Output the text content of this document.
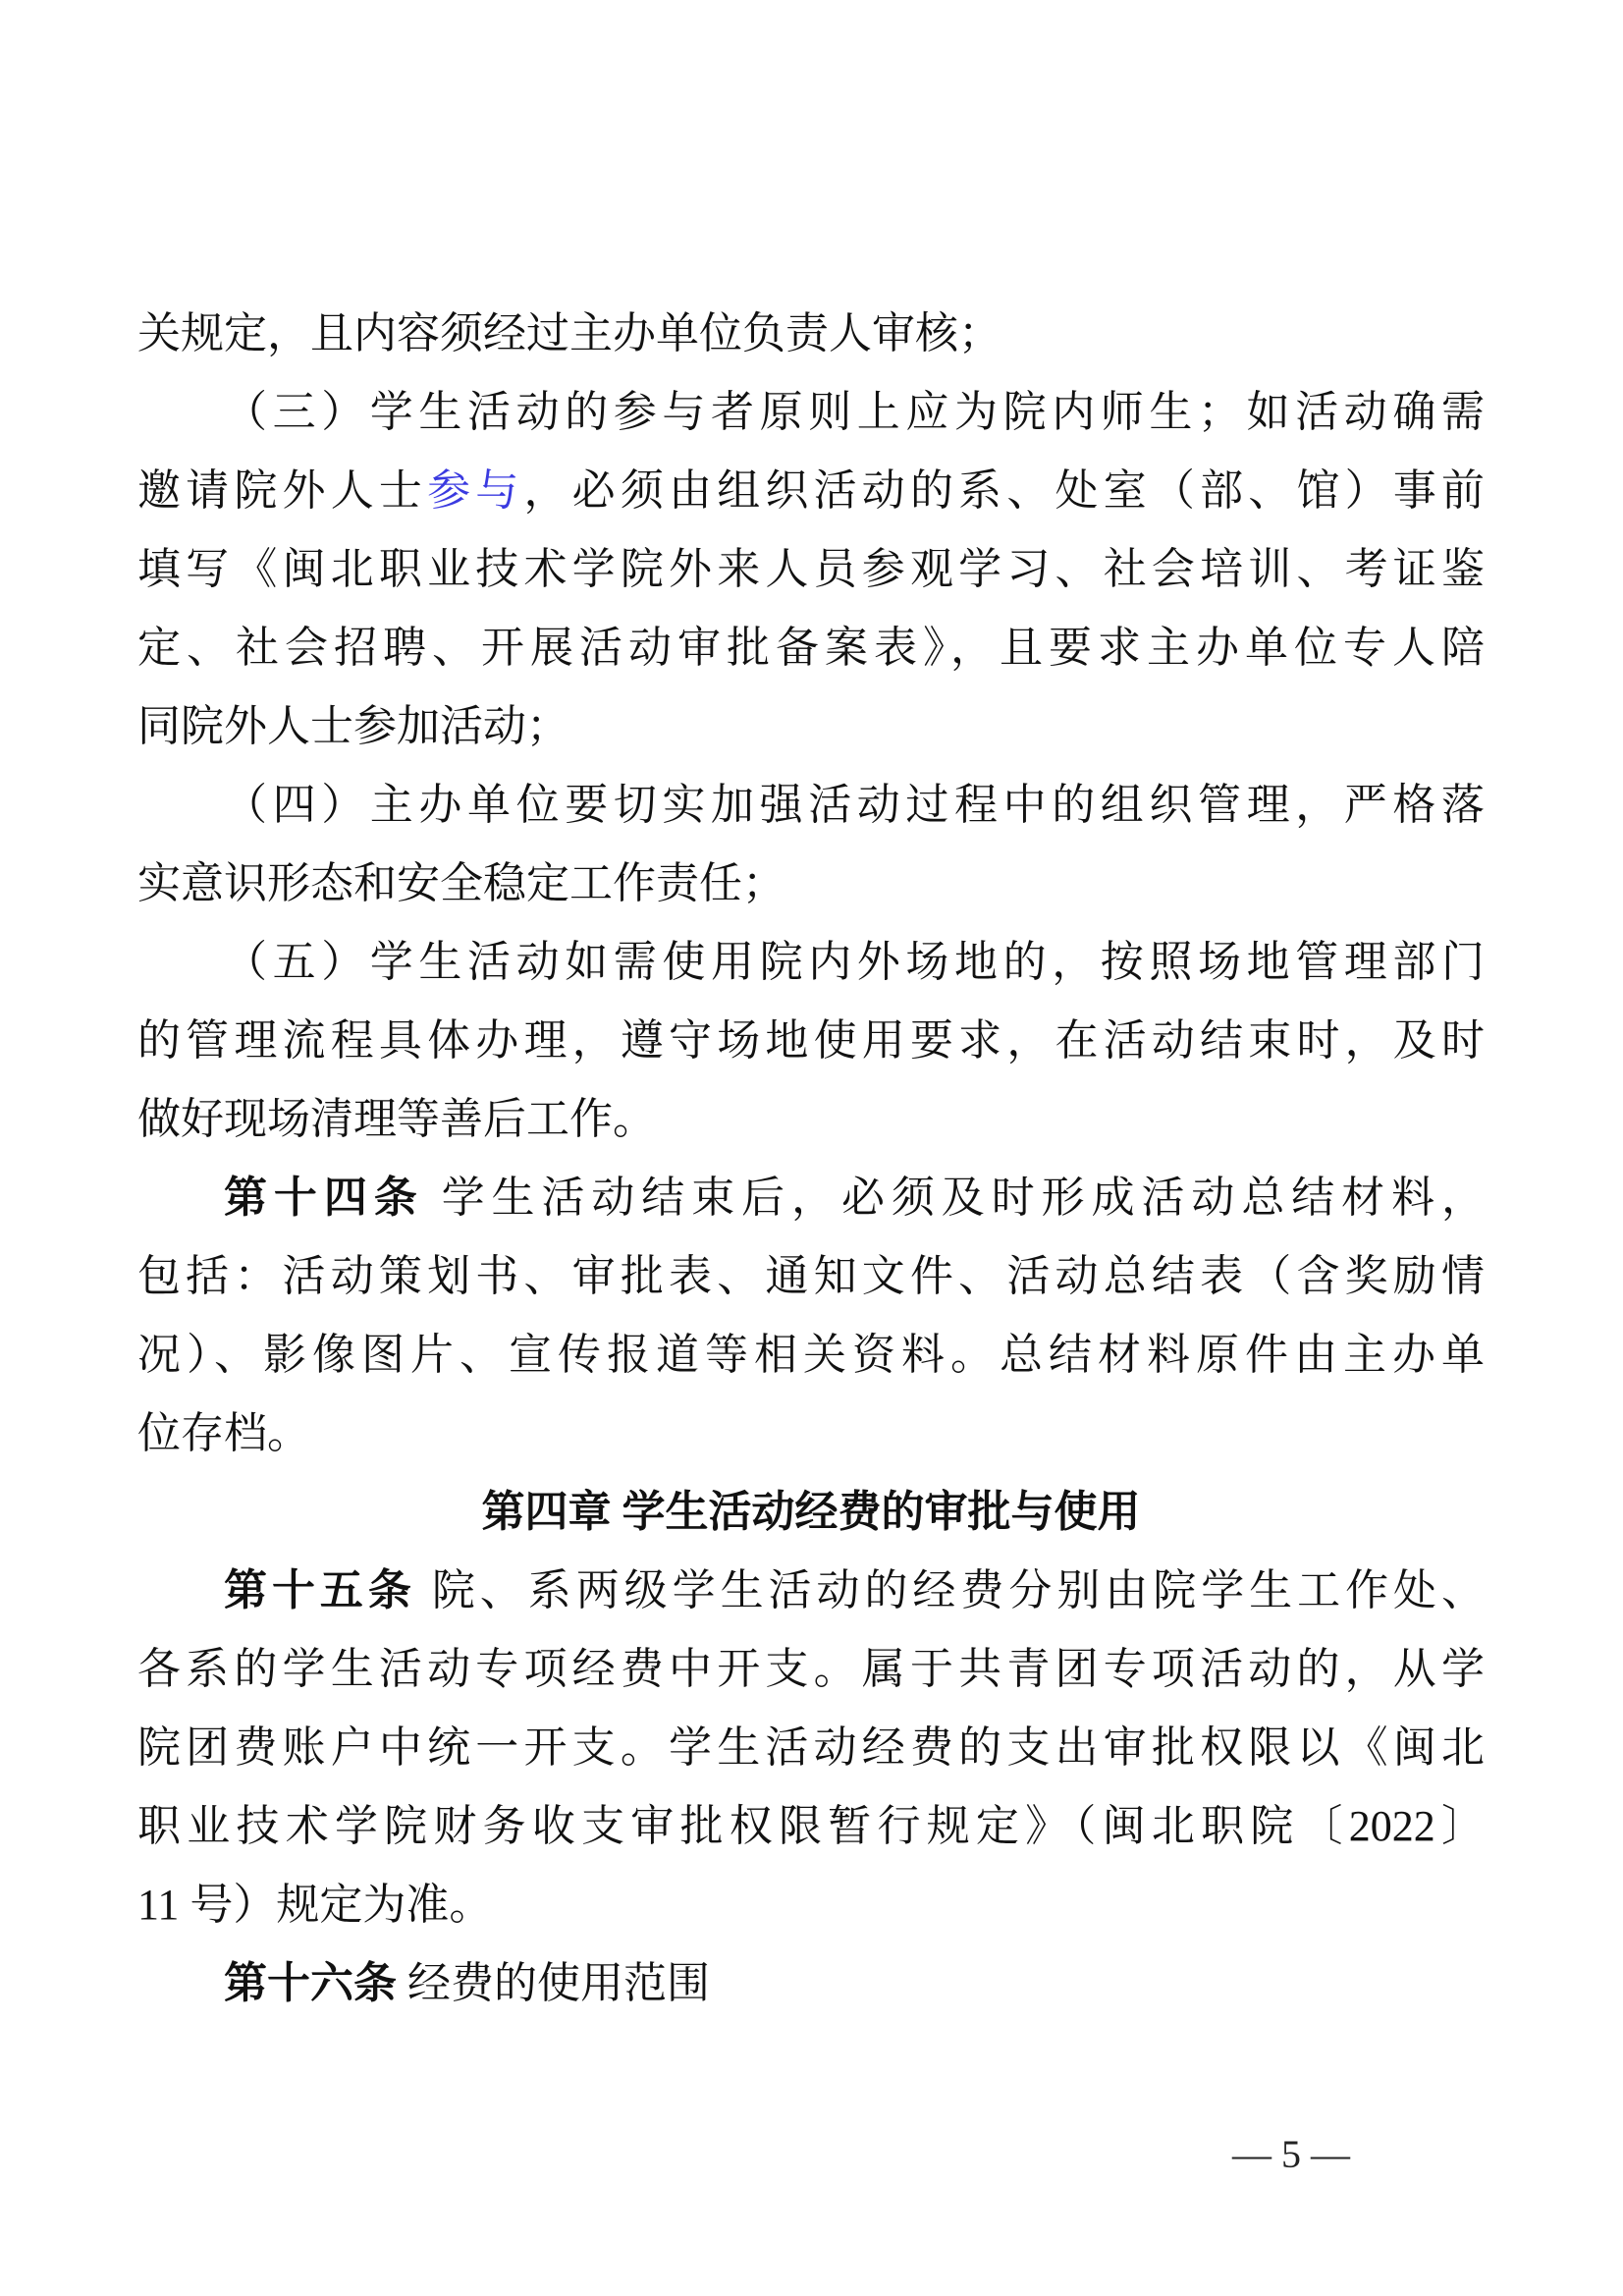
关规定，且内容须经过主办单位负责人审核；
（三）学生活动的参与者原则上应为院内师生；如活动确需
邀请院外人士参与，必须由组织活动的系、处室（部、馆）事前
填写《闽北职业技术学院外来人员参观学习、社会培训、考证鉴
定、社会招聘、开展活动审批备案表》，且要求主办单位专人陪
同院外人士参加活动；
（四）主办单位要切实加强活动过程中的组织管理，严格落
实意识形态和安全稳定工作责任；
（五）学生活动如需使用院内外场地的，按照场地管理部门
的管理流程具体办理，遵守场地使用要求，在活动结束时，及时
做好现场清理等善后工作。
第十四条 学生活动结束后，必须及时形成活动总结材料，
包括：活动策划书、审批表、通知文件、活动总结表（含奖励情
况）、影像图片、宣传报道等相关资料。总结材料原件由主办单
位存档。
第四章 学生活动经费的审批与使用
第十五条 院、系两级学生活动的经费分别由院学生工作处、
各系的学生活动专项经费中开支。属于共青团专项活动的，从学
院团费账户中统一开支。学生活动经费的支出审批权限以《闽北
职业技术学院财务收支审批权限暂行规定》（闽北职院〔2022〕
11 号）规定为准。
第十六条 经费的使用范围
— 5 —
